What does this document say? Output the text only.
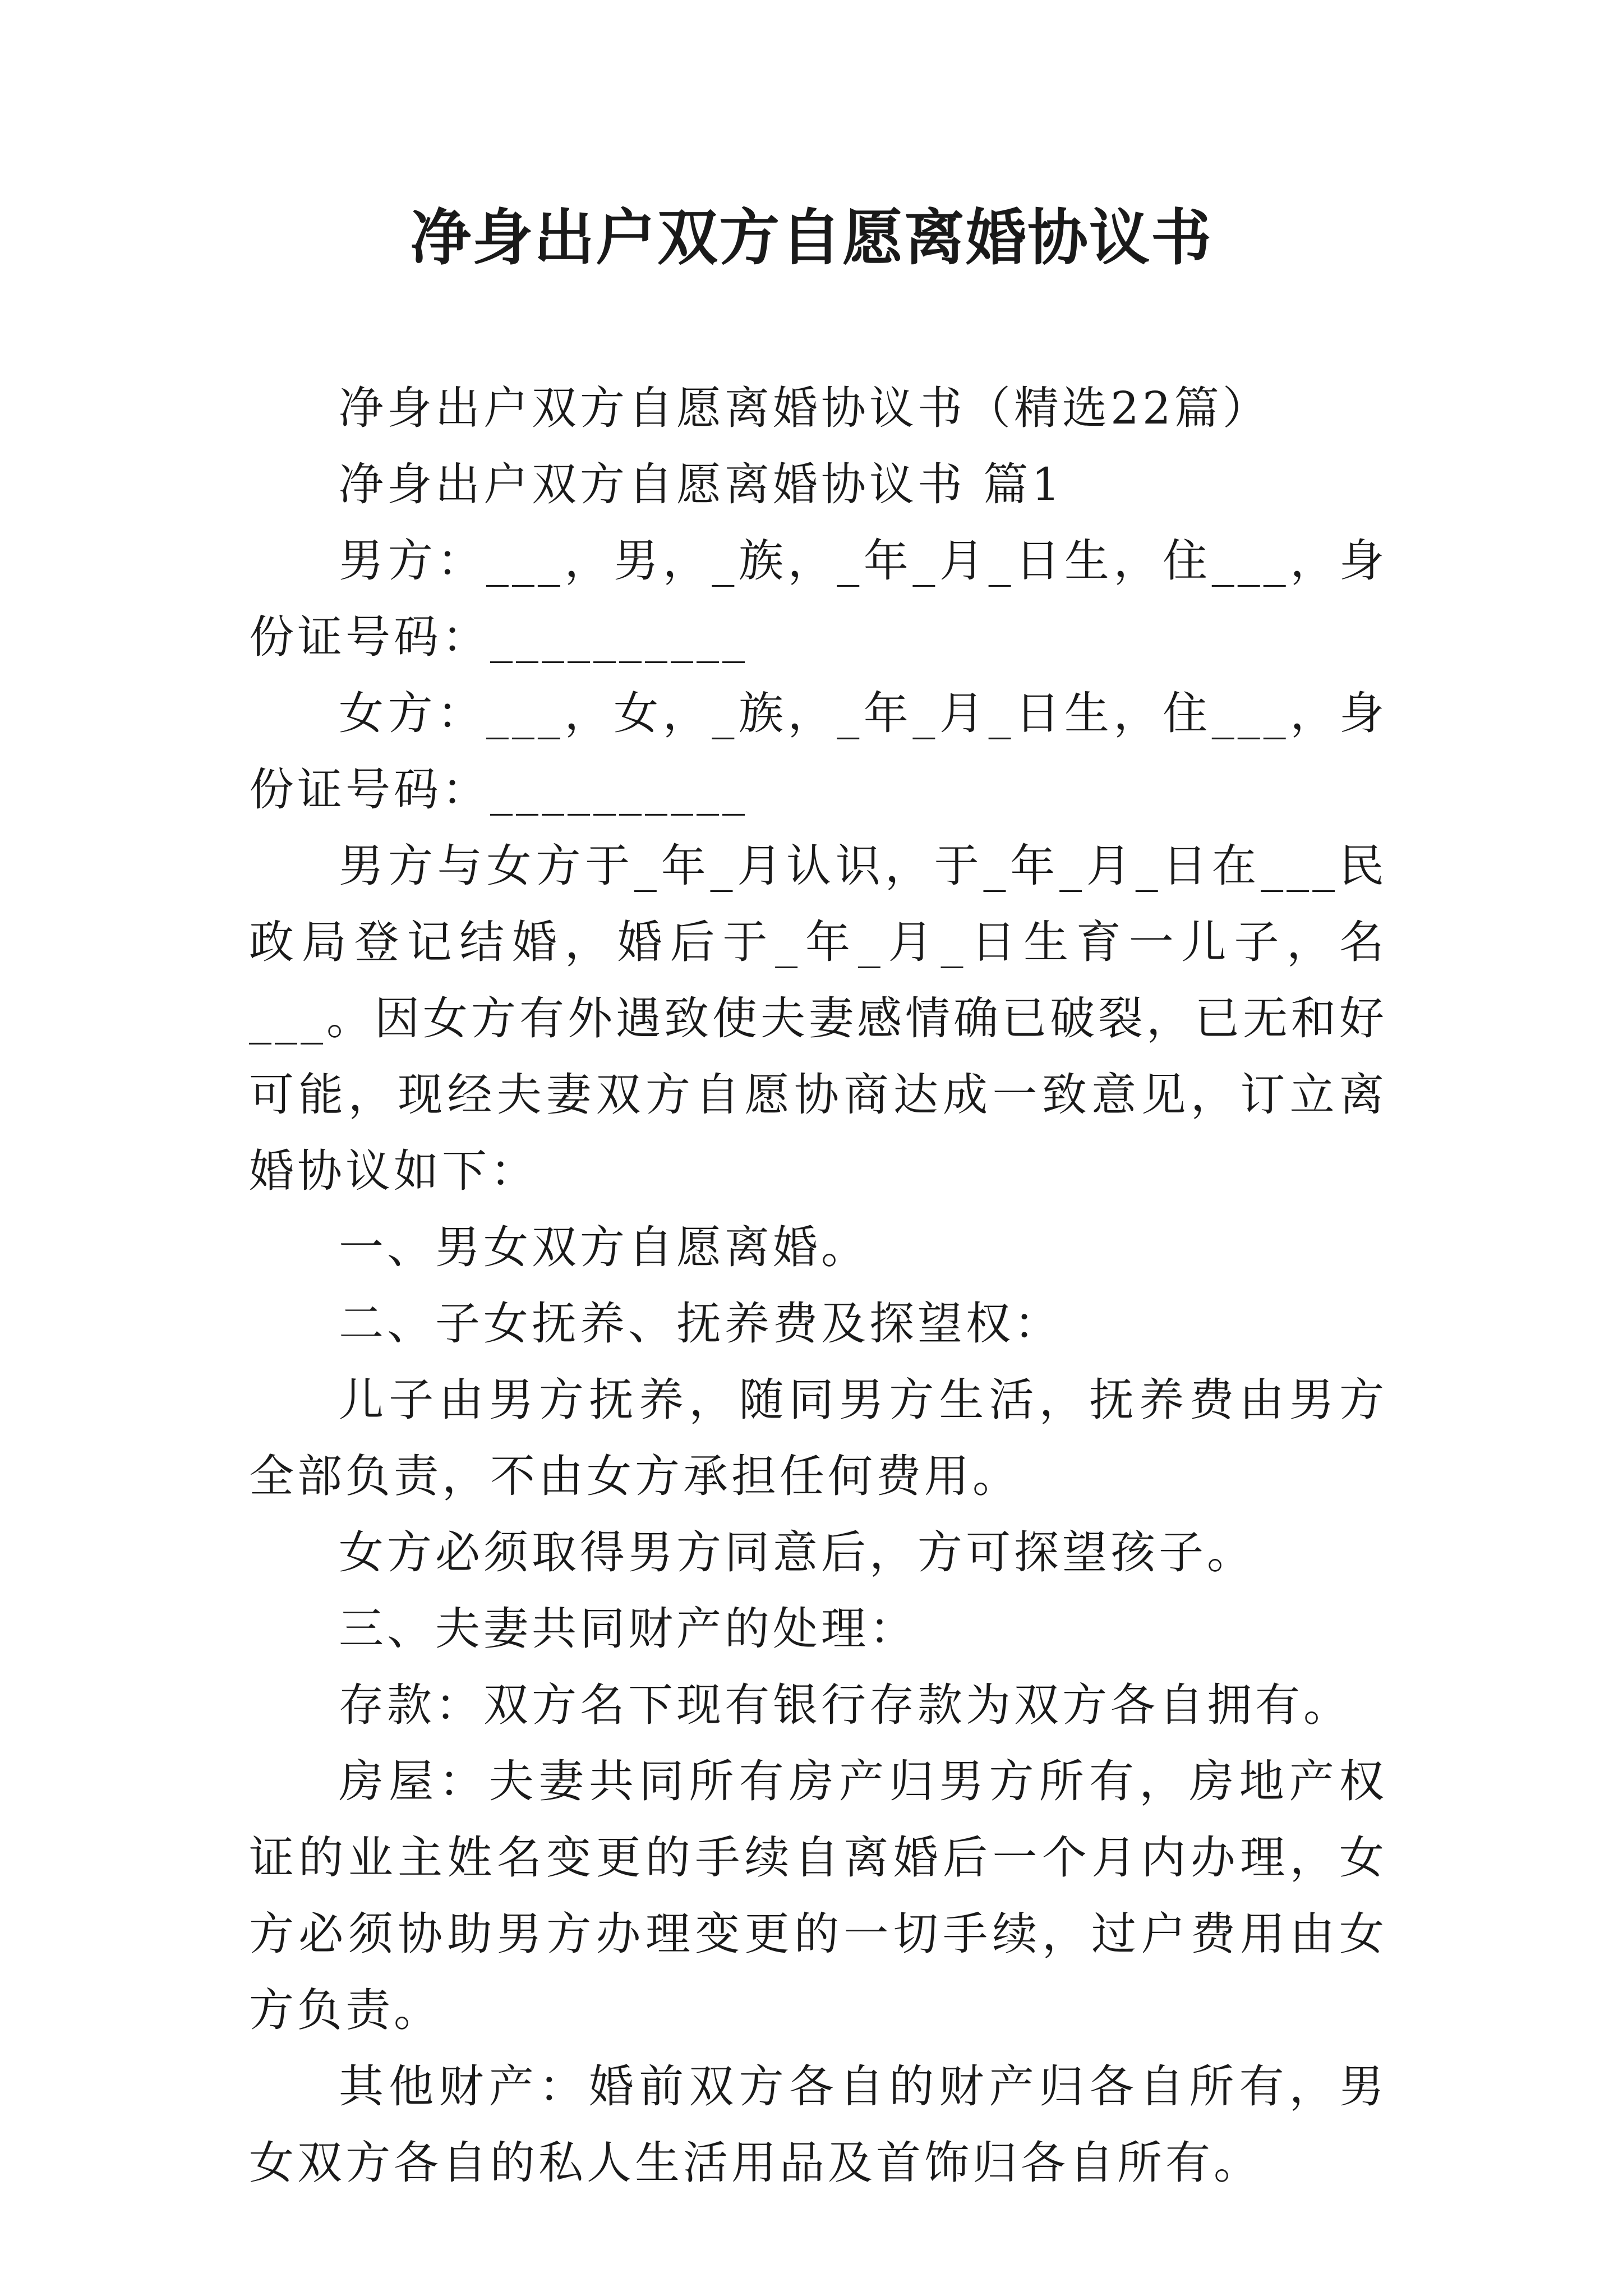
净身出户双方自愿离婚协议书

净身出户双方自愿离婚协议书（精选22篇）

净身出户双方自愿离婚协议书 篇1

男方：___，男，_族，_年_月_日生，住___，身份证号码：__________

女方：___，女，_族，_年_月_日生，住___，身份证号码：__________

男方与女方于_年_月认识，于_年_月_日在___民政局登记结婚，婚后于_年_月_日生育一儿子，名___。因女方有外遇致使夫妻感情确已破裂，已无和好可能，现经夫妻双方自愿协商达成一致意见，订立离婚协议如下：

一、男女双方自愿离婚。

二、子女抚养、抚养费及探望权：

儿子由男方抚养，随同男方生活，抚养费由男方全部负责，不由女方承担任何费用。

女方必须取得男方同意后，方可探望孩子。

三、夫妻共同财产的处理：

存款：双方名下现有银行存款为双方各自拥有。

房屋：夫妻共同所有房产归男方所有，房地产权证的业主姓名变更的手续自离婚后一个月内办理，女方必须协助男方办理变更的一切手续，过户费用由女方负责。

其他财产：婚前双方各自的财产归各自所有，男女双方各自的私人生活用品及首饰归各自所有。
